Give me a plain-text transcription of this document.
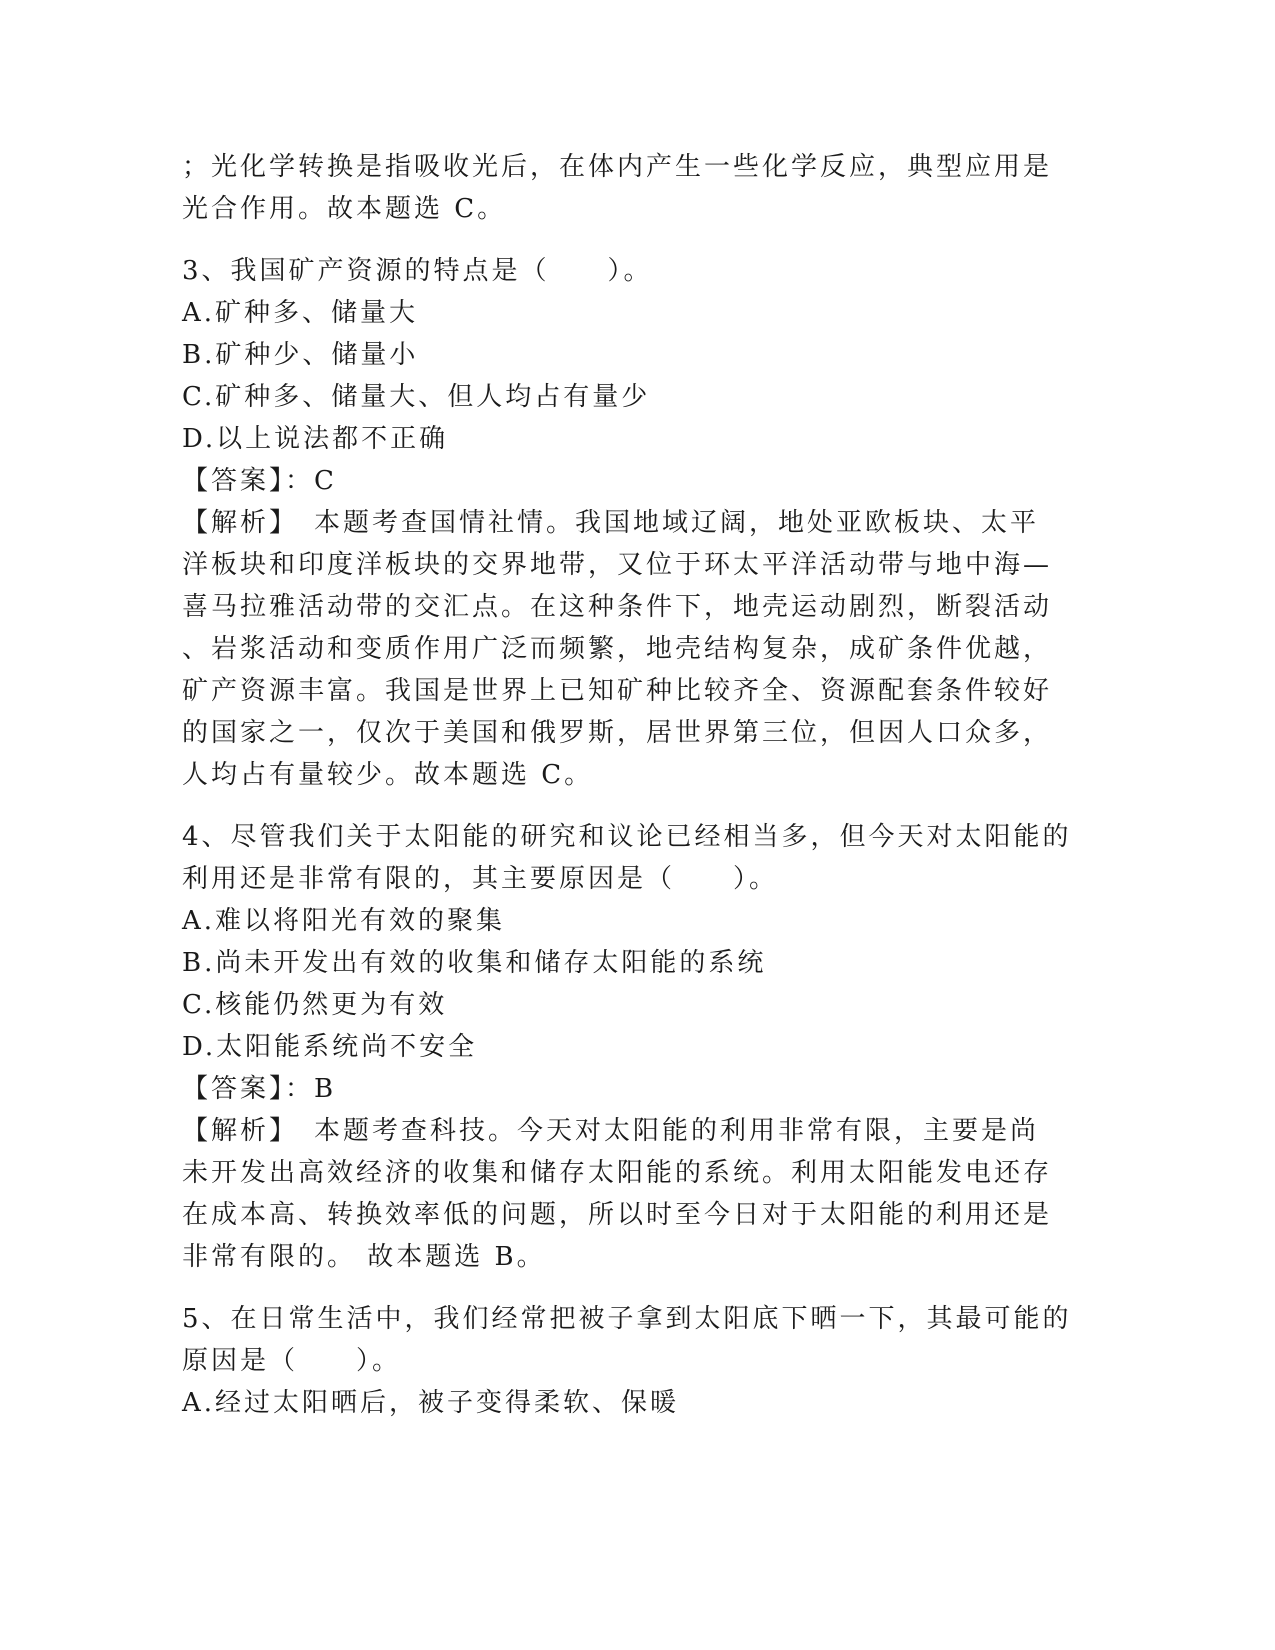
；光化学转换是指吸收光后，在体内产生一些化学反应，典型应用是
光合作用。故本题选 C。
3、我国矿产资源的特点是（　　）。
A.矿种多、储量大
B.矿种少、储量小
C.矿种多、储量大、但人均占有量少
D.以上说法都不正确
【答案】：C
【解析】　本题考查国情社情。我国地域辽阔，地处亚欧板块、太平
洋板块和印度洋板块的交界地带，又位于环太平洋活动带与地中海—
喜马拉雅活动带的交汇点。在这种条件下，地壳运动剧烈，断裂活动
、岩浆活动和变质作用广泛而频繁，地壳结构复杂，成矿条件优越，
矿产资源丰富。我国是世界上已知矿种比较齐全、资源配套条件较好
的国家之一，仅次于美国和俄罗斯，居世界第三位，但因人口众多，
人均占有量较少。故本题选 C。
4、尽管我们关于太阳能的研究和议论已经相当多，但今天对太阳能的
利用还是非常有限的，其主要原因是（　　）。
A.难以将阳光有效的聚集
B.尚未开发出有效的收集和储存太阳能的系统
C.核能仍然更为有效
D.太阳能系统尚不安全
【答案】：B
【解析】　本题考查科技。今天对太阳能的利用非常有限，主要是尚
未开发出高效经济的收集和储存太阳能的系统。利用太阳能发电还存
在成本高、转换效率低的问题，所以时至今日对于太阳能的利用还是
非常有限的。 故本题选 B。
5、在日常生活中，我们经常把被子拿到太阳底下晒一下，其最可能的
原因是（　　）。
A.经过太阳晒后，被子变得柔软、保暖
